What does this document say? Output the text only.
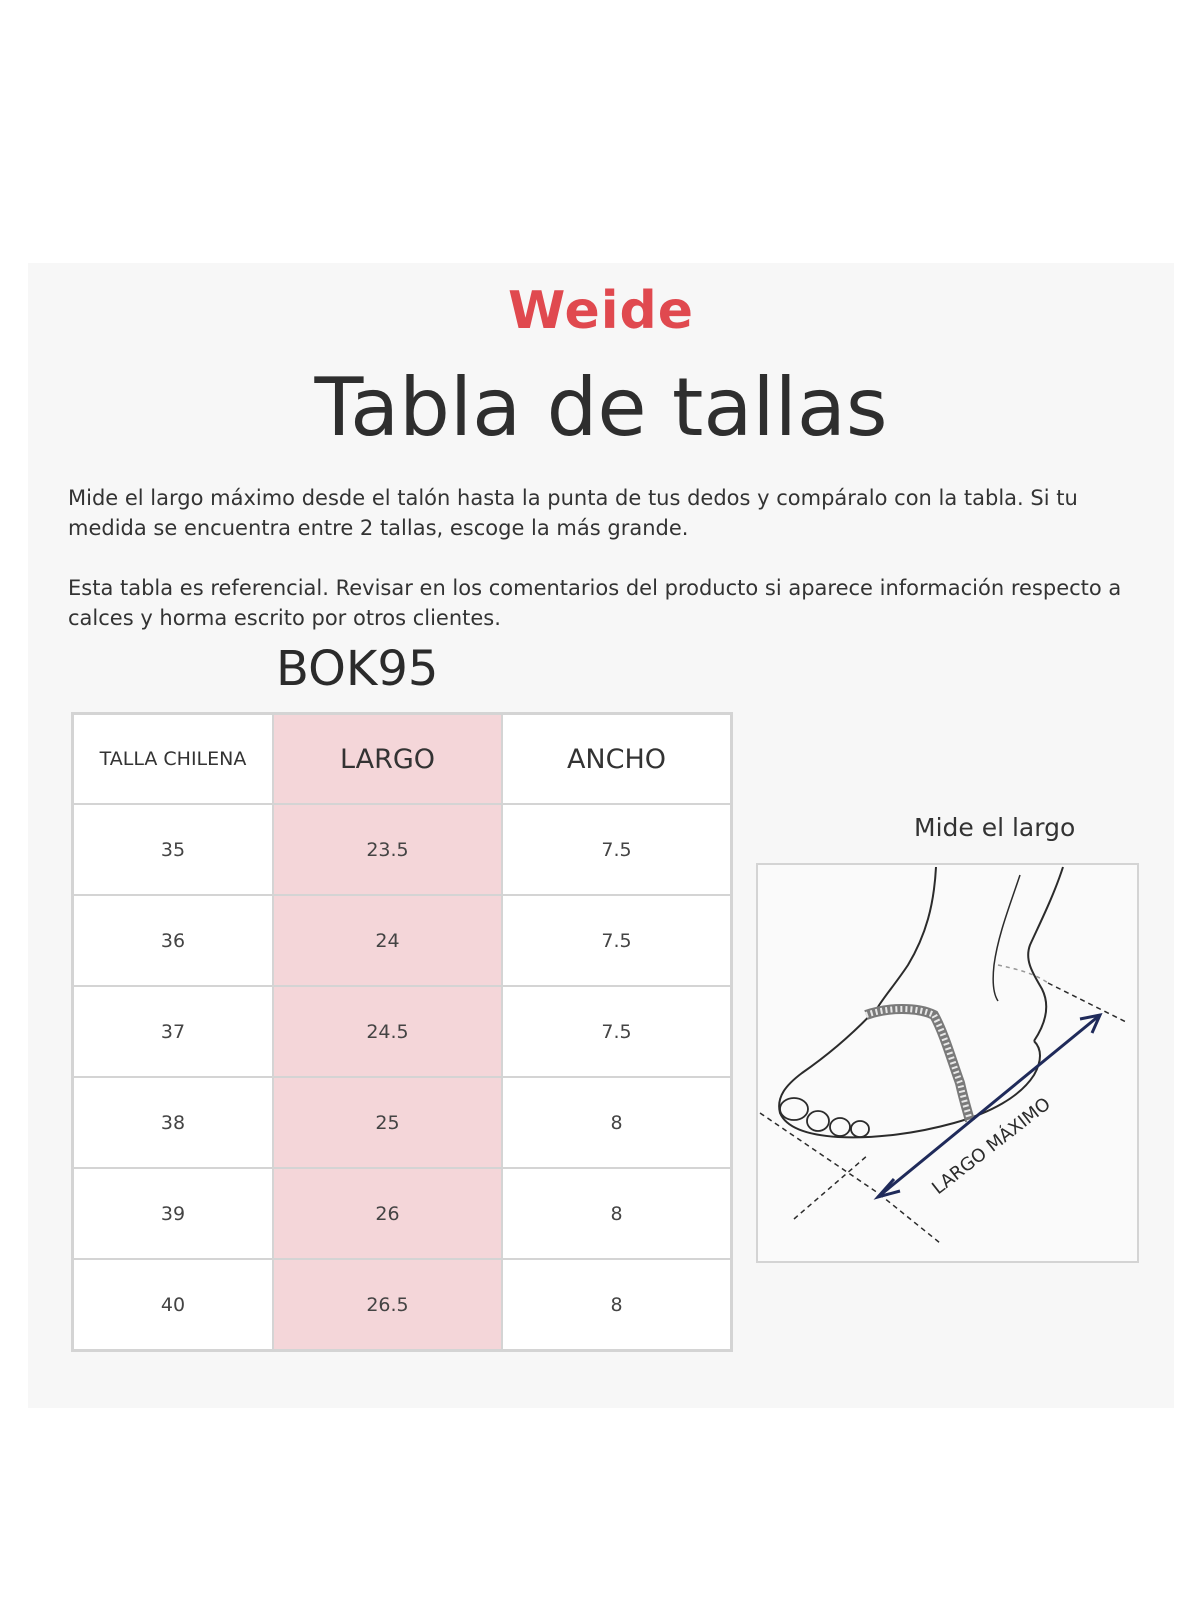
Weide
Tabla de tallas
Mide el largo máximo desde el talón hasta la punta de tus dedos y compáralo con la tabla. Si tu medida se encuentra entre 2 tallas, escoge la más grande.
Esta tabla es referencial. Revisar en los comentarios del producto si aparece información respecto a calces y horma escrito por otros clientes.
BOK95
TALLA CHILENA	LARGO	ANCHO
35	23.5	7.5
36	24	7.5
37	24.5	7.5
38	25	8
39	26	8
40	26.5	8
Mide el largo
LARGO MÁXIMO
